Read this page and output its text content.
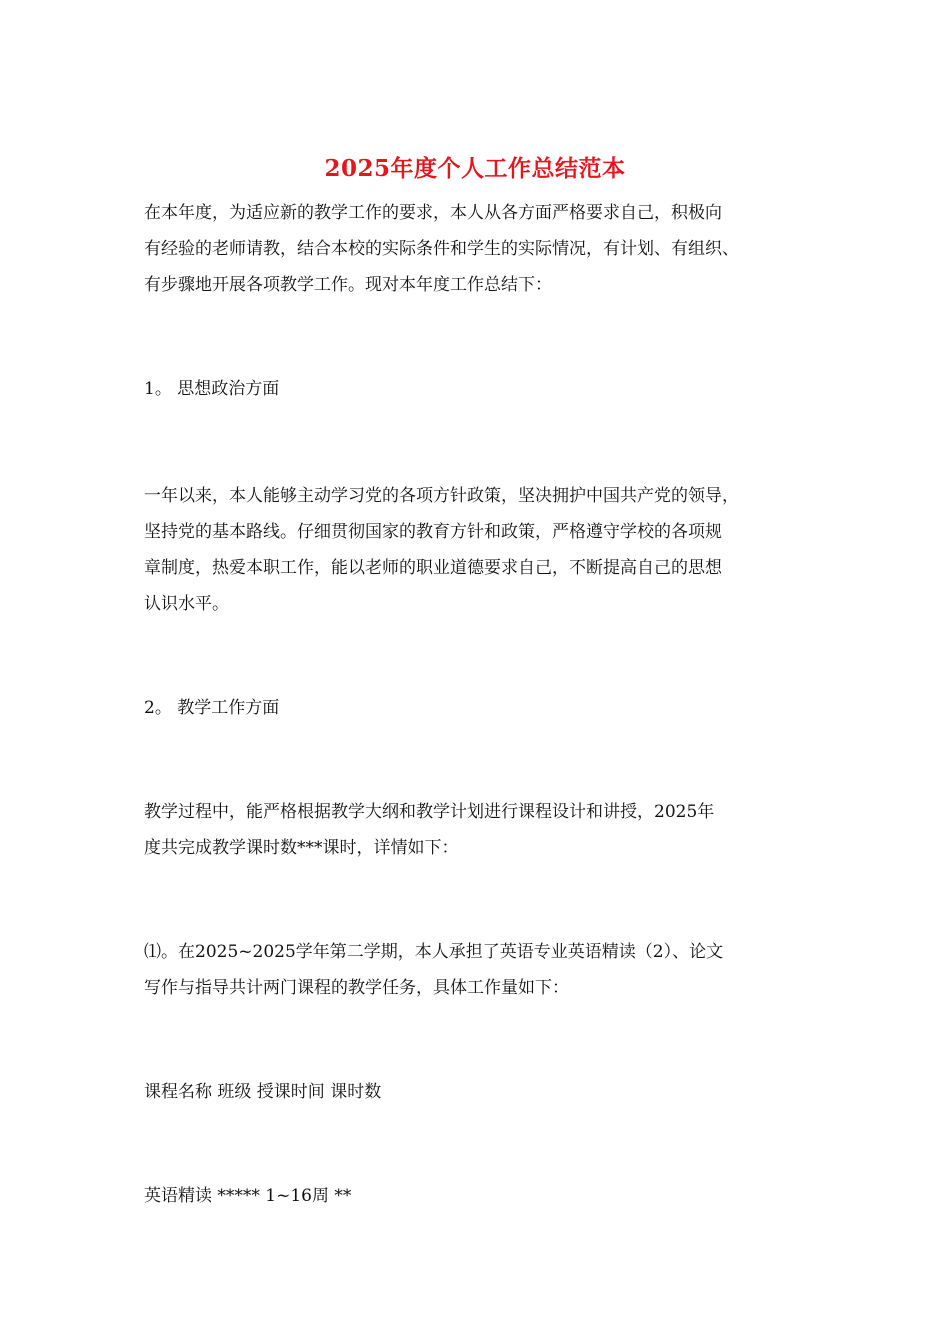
2025年度个人工作总结范本
在本年度，为适应新的教学工作的要求，本人从各方面严格要求自己，积极向
有经验的老师请教，结合本校的实际条件和学生的实际情况，有计划、有组织、
有步骤地开展各项教学工作。现对本年度工作总结下：
1。 思想政治方面
一年以来，本人能够主动学习党的各项方针政策，坚决拥护中国共产党的领导，
坚持党的基本路线。仔细贯彻国家的教育方针和政策，严格遵守学校的各项规
章制度，热爱本职工作，能以老师的职业道德要求自己，不断提高自己的思想
认识水平。
2。 教学工作方面
教学过程中，能严格根据教学大纲和教学计划进行课程设计和讲授，2025年
度共完成教学课时数***课时，详情如下：
⑴。在2025~2025学年第二学期，本人承担了英语专业英语精读（2）、论文
写作与指导共计两门课程的教学任务，具体工作量如下：
课程名称 班级 授课时间 课时数
英语精读 ***** 1~16周 **
